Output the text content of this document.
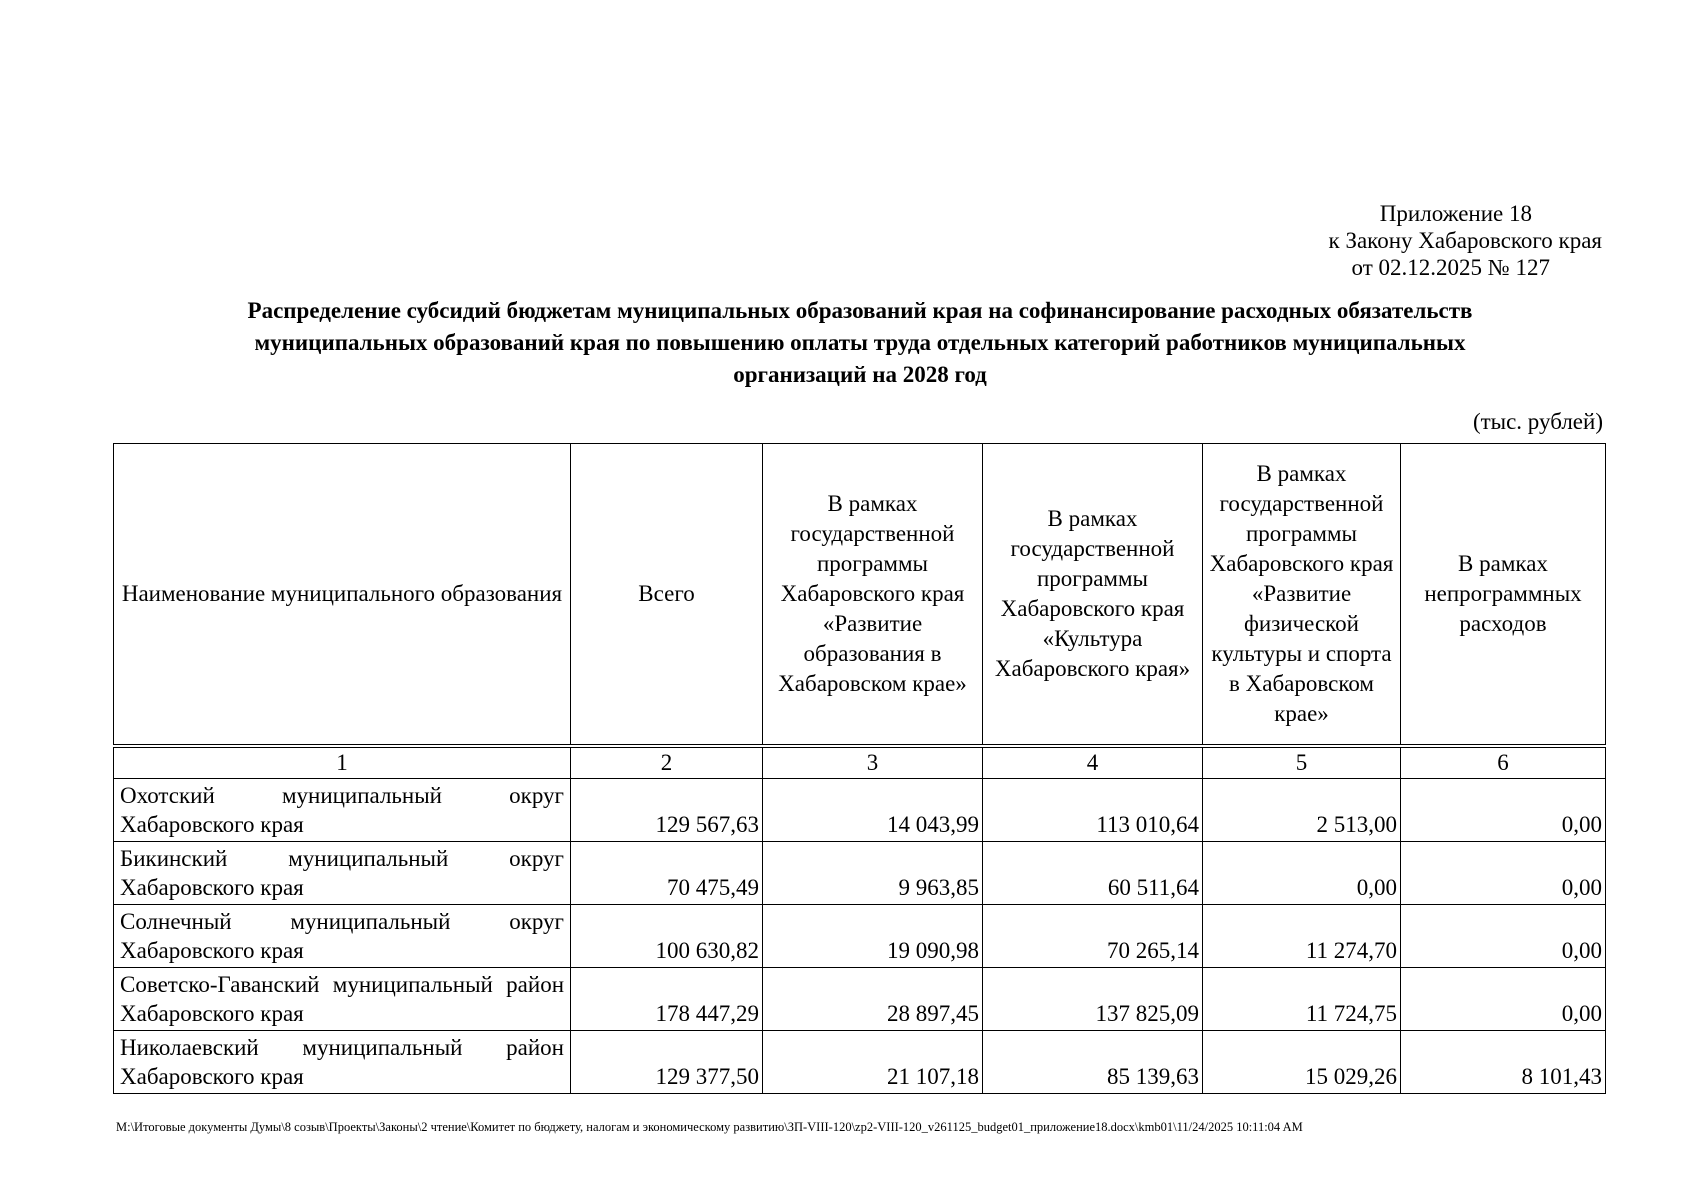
Приложение 18
к Закону Хабаровского края
от 02.12.2025 № 127
Распределение субсидий бюджетам муниципальных образований края на софинансирование расходных обязательств
муниципальных образований края по повышению оплаты труда отдельных категорий работников муниципальных
организаций на 2028 год
(тыс. рублей)
Наименование муниципального образования	Всего	В рамках государственной программы Хабаровского края «Развитие образования в Хабаровском крае»	В рамках государственной программы Хабаровского края «Культура Хабаровского края»	В рамках государственной программы Хабаровского края «Развитие физической культуры и спорта в Хабаровском крае»	В рамках непрограммных расходов

1	2	3	4	5	6
Охотский муниципальный округ Хабаровского края	129 567,63	14 043,99	113 010,64	2 513,00	0,00
Бикинский муниципальный округ Хабаровского края	70 475,49	9 963,85	60 511,64	0,00	0,00
Солнечный муниципальный округ Хабаровского края	100 630,82	19 090,98	70 265,14	11 274,70	0,00
Советско-Гаванский муниципальный район Хабаровского края	178 447,29	28 897,45	137 825,09	11 724,75	0,00
Николаевский муниципальный район Хабаровского края	129 377,50	21 107,18	85 139,63	15 029,26	8 101,43
M:\Итоговые документы Думы\8 созыв\Проекты\Законы\2 чтение\Комитет по бюджету, налогам и экономическому развитию\ЗП-VIII-120\zp2-VIII-120_v261125_budget01_приложение18.docx\kmb01\11/24/2025 10:11:04 AM
